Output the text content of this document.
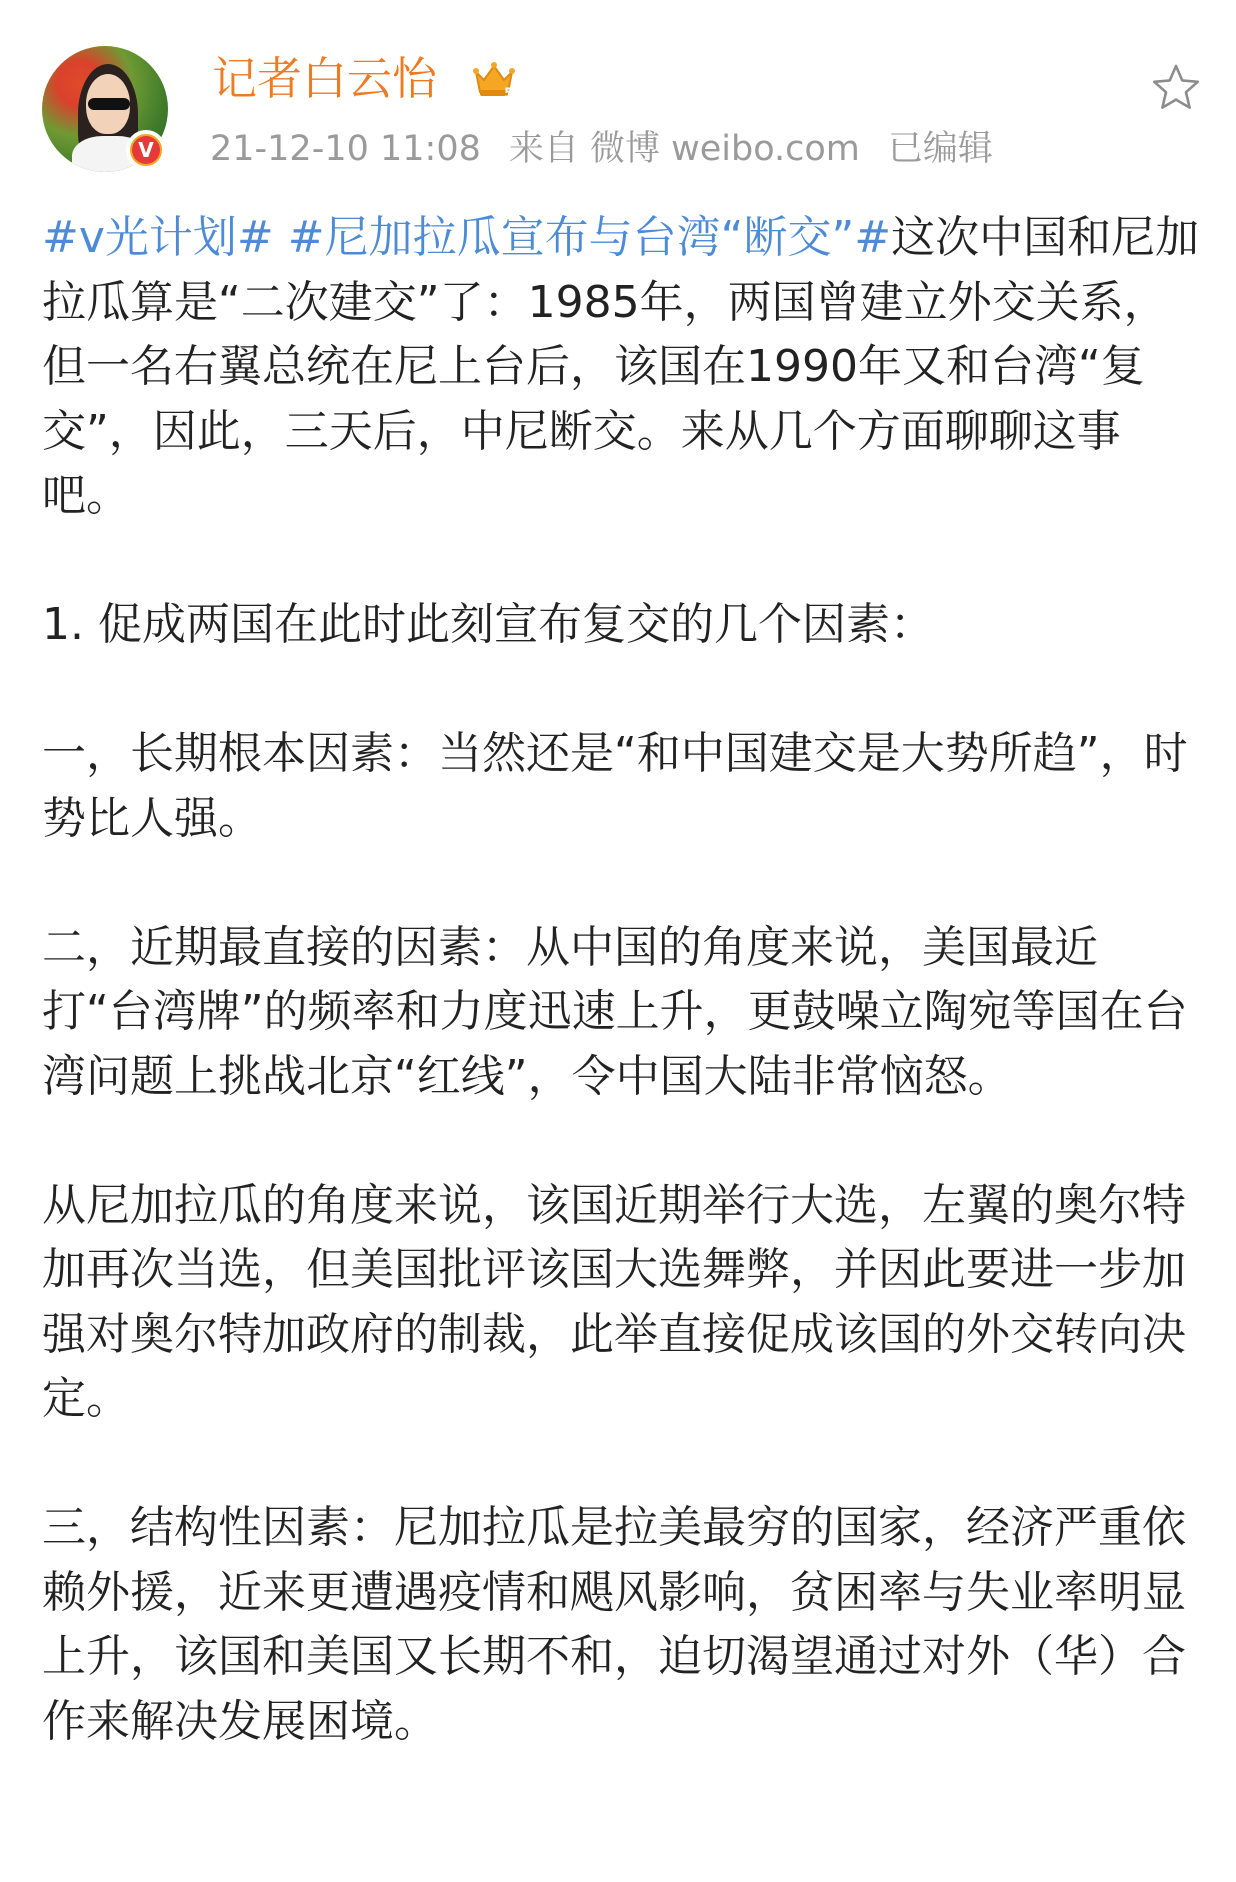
V
记者白云怡	5
21-12-10 11:08 来自 微博 weibo.com 已编辑

#v光计划# #尼加拉瓜宣布与台湾“断交”#这次中国和尼加拉瓜算是“二次建交”了：1985年，两国曾建立外交关系，但一名右翼总统在尼上台后，该国在1990年又和台湾“复交”，因此，三天后，中尼断交。来从几个方面聊聊这事吧。

1. 促成两国在此时此刻宣布复交的几个因素：

一，长期根本因素：当然还是“和中国建交是大势所趋”，时势比人强。

二，近期最直接的因素：从中国的角度来说，美国最近打“台湾牌”的频率和力度迅速上升，更鼓噪立陶宛等国在台湾问题上挑战北京“红线”，令中国大陆非常恼怒。

从尼加拉瓜的角度来说，该国近期举行大选，左翼的奥尔特加再次当选，但美国批评该国大选舞弊，并因此要进一步加强对奥尔特加政府的制裁，此举直接促成该国的外交转向决定。

三，结构性因素：尼加拉瓜是拉美最穷的国家，经济严重依赖外援，近来更遭遇疫情和飓风影响，贫困率与失业率明显上升，该国和美国又长期不和，迫切渴望通过对外（华）合作来解决发展困境。
